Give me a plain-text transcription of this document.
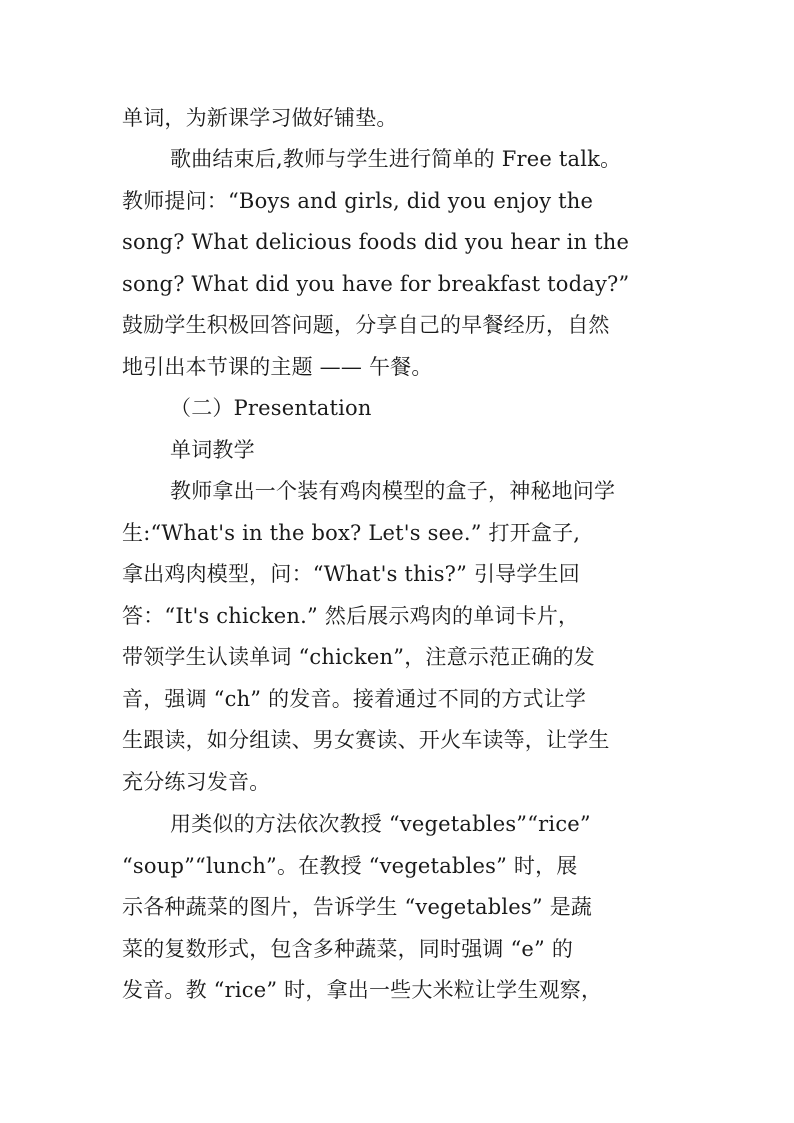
单词，为新课学习做好铺垫。
歌曲结束后,教师与学生进行简单的 Free talk。
教师提问：“Boys and girls, did you enjoy the
song? What delicious foods did you hear in the
song? What did you have for breakfast today?”
鼓励学生积极回答问题，分享自己的早餐经历，自然
地引出本节课的主题 —— 午餐。
（二）Presentation
单词教学
教师拿出一个装有鸡肉模型的盒子，神秘地问学
生:“What's in the box? Let's see.” 打开盒子,
拿出鸡肉模型，问：“What's this?” 引导学生回
答：“It's chicken.” 然后展示鸡肉的单词卡片，
带领学生认读单词 “chicken”，注意示范正确的发
音，强调 “ch” 的发音。接着通过不同的方式让学
生跟读，如分组读、男女赛读、开火车读等，让学生
充分练习发音。
用类似的方法依次教授 “vegetables”“rice”
“soup”“lunch”。在教授 “vegetables” 时，展
示各种蔬菜的图片，告诉学生 “vegetables” 是蔬
菜的复数形式，包含多种蔬菜，同时强调 “e” 的
发音。教 “rice” 时，拿出一些大米粒让学生观察，
